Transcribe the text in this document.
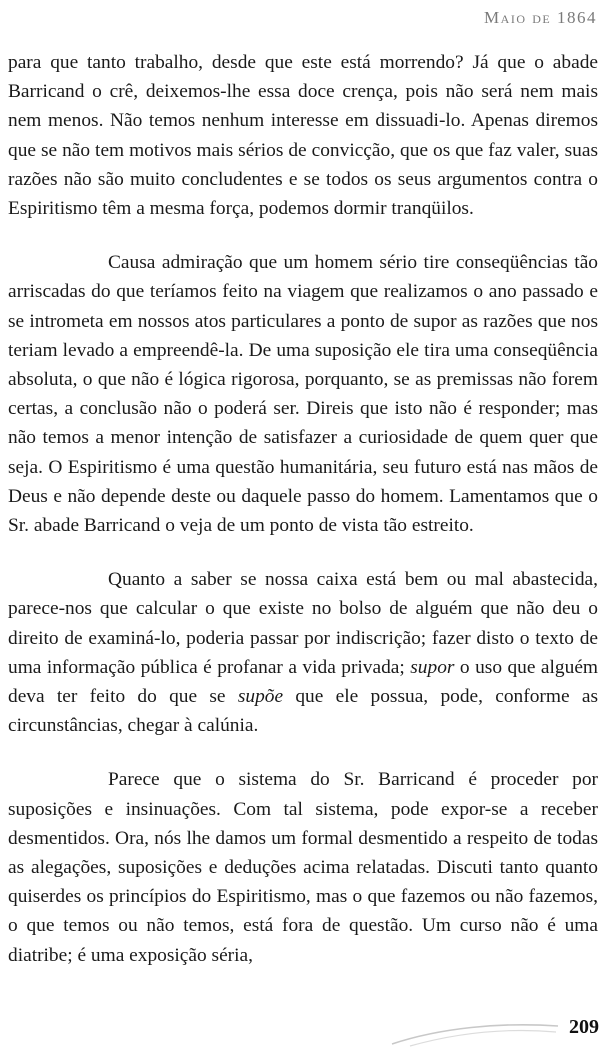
Maio de 1864

para que tanto trabalho, desde que este está morrendo? Já que o abade Barricand o crê, deixemos-lhe essa doce crença, pois não será nem mais nem menos. Não temos nenhum interesse em dissuadi-lo. Apenas diremos que se não tem motivos mais sérios de convicção, que os que faz valer, suas razões não são muito concludentes e se todos os seus argumentos contra o Espiritismo têm a mesma força, podemos dormir tranqüilos.

Causa admiração que um homem sério tire conseqüências tão arriscadas do que teríamos feito na viagem que realizamos o ano passado e se intrometa em nossos atos particulares a ponto de supor as razões que nos teriam levado a empreendê-la. De uma suposição ele tira uma conseqüência absoluta, o que não é lógica rigorosa, porquanto, se as premissas não forem certas, a conclusão não o poderá ser. Direis que isto não é responder; mas não temos a menor intenção de satisfazer a curiosidade de quem quer que seja. O Espiritismo é uma questão humanitária, seu futuro está nas mãos de Deus e não depende deste ou daquele passo do homem. Lamentamos que o Sr. abade Barricand o veja de um ponto de vista tão estreito.

Quanto a saber se nossa caixa está bem ou mal abastecida, parece-nos que calcular o que existe no bolso de alguém que não deu o direito de examiná-lo, poderia passar por indiscrição; fazer disto o texto de uma informação pública é profanar a vida privada; supor o uso que alguém deva ter feito do que se supõe que ele possua, pode, conforme as circunstâncias, chegar à calúnia.

Parece que o sistema do Sr. Barricand é proceder por suposições e insinuações. Com tal sistema, pode expor-se a receber desmentidos. Ora, nós lhe damos um formal desmentido a respeito de todas as alegações, suposições e deduções acima relatadas. Discuti tanto quanto quiserdes os princípios do Espiritismo, mas o que fazemos ou não fazemos, o que temos ou não temos, está fora de questão. Um curso não é uma diatribe; é uma exposição séria,

209
